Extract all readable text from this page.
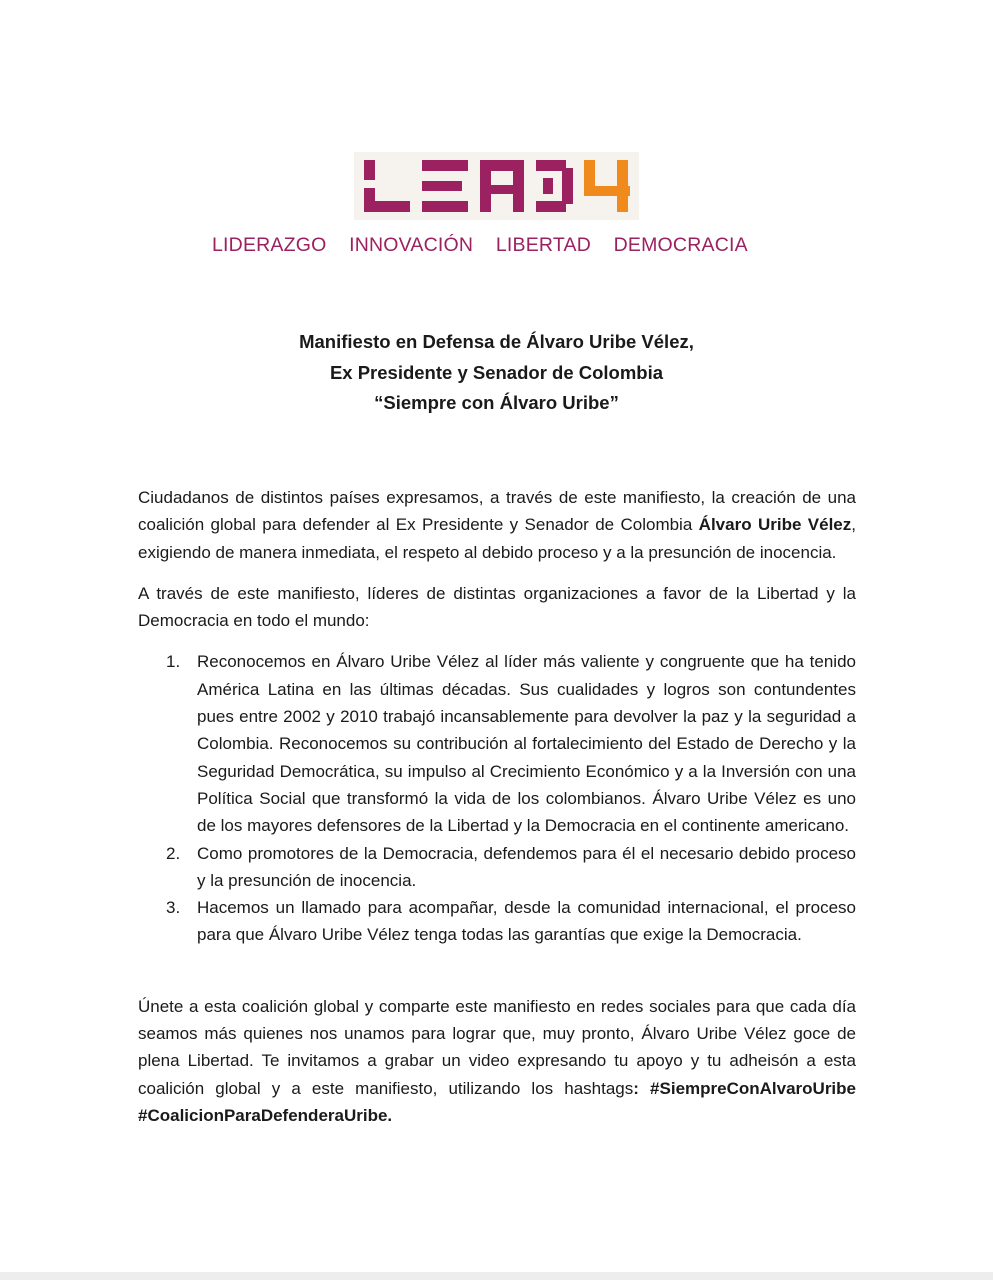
LIDERAZGO INNOVACIÓN LIBERTAD DEMOCRACIA
Manifiesto en Defensa de Álvaro Uribe Vélez,
Ex Presidente y Senador de Colombia
“Siempre con Álvaro Uribe”

Ciudadanos de distintos países expresamos, a través de este manifiesto, la creación de una coalición global para defender al Ex Presidente y Senador de Colombia Álvaro Uribe Vélez, exigiendo de manera inmediata, el respeto al debido proceso y a la presunción de inocencia.

A través de este manifiesto, líderes de distintas organizaciones a favor de la Libertad y la Democracia en todo el mundo:

1. Reconocemos en Álvaro Uribe Vélez al líder más valiente y congruente que ha tenido América Latina en las últimas décadas. Sus cualidades y logros son contundentes pues entre 2002 y 2010 trabajó incansablemente para devolver la paz y la seguridad a Colombia. Reconocemos su contribución al fortalecimiento del Estado de Derecho y la Seguridad Democrática, su impulso al Crecimiento Económico y a la Inversión con una Política Social que transformó la vida de los colombianos. Álvaro Uribe Vélez es uno de los mayores defensores de la Libertad y la Democracia en el continente americano.
2. Como promotores de la Democracia, defendemos para él el necesario debido proceso y la presunción de inocencia.
3. Hacemos un llamado para acompañar, desde la comunidad internacional, el proceso para que Álvaro Uribe Vélez tenga todas las garantías que exige la Democracia.

Únete a esta coalición global y comparte este manifiesto en redes sociales para que cada día seamos más quienes nos unamos para lograr que, muy pronto, Álvaro Uribe Vélez goce de plena Libertad. Te invitamos a grabar un video expresando tu apoyo y tu adheisón a esta coalición global y a este manifiesto, utilizando los hashtags: #SiempreConAlvaroUribe #CoalicionParaDefenderaUribe.
